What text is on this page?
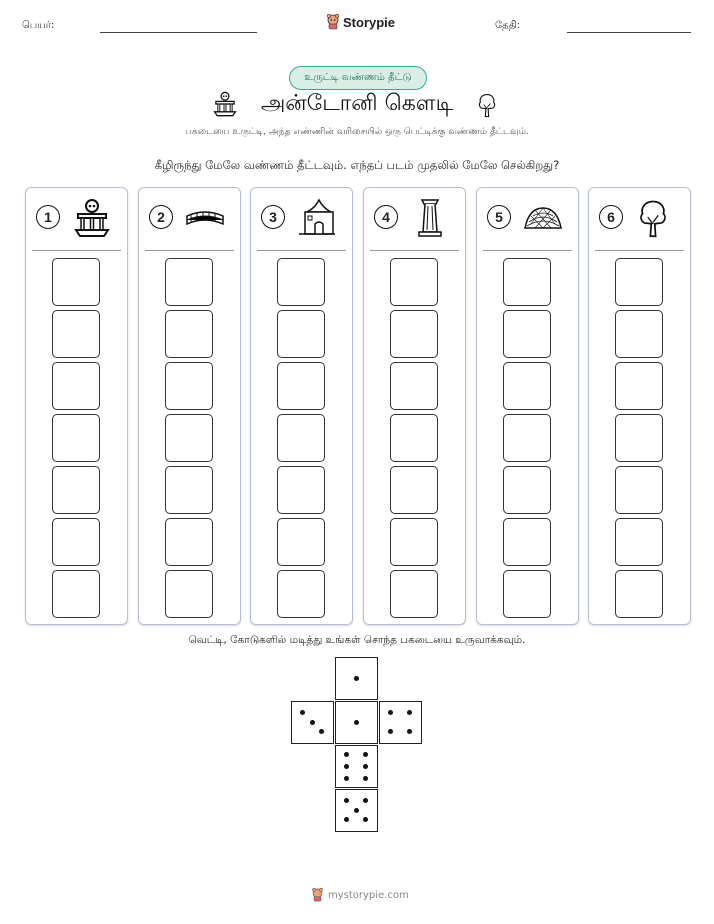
பெயர்:	Storypie	தேதி:
உருட்டி வண்ணம் தீட்டு
அன்டோனி கௌடி
பகடையை உருட்டி, அந்த எண்ணின் வரிசையில் ஒரு பெட்டிக்கு வண்ணம் தீட்டவும்.
கீழிருந்து மேலே வண்ணம் தீட்டவும். எந்தப் படம் முதலில் மேலே செல்கிறது?
1	2	3	4	5	6
வெட்டி, கோடுகளில் மடித்து உங்கள் சொந்த பகடையை உருவாக்கவும்.
mystorypie.com
